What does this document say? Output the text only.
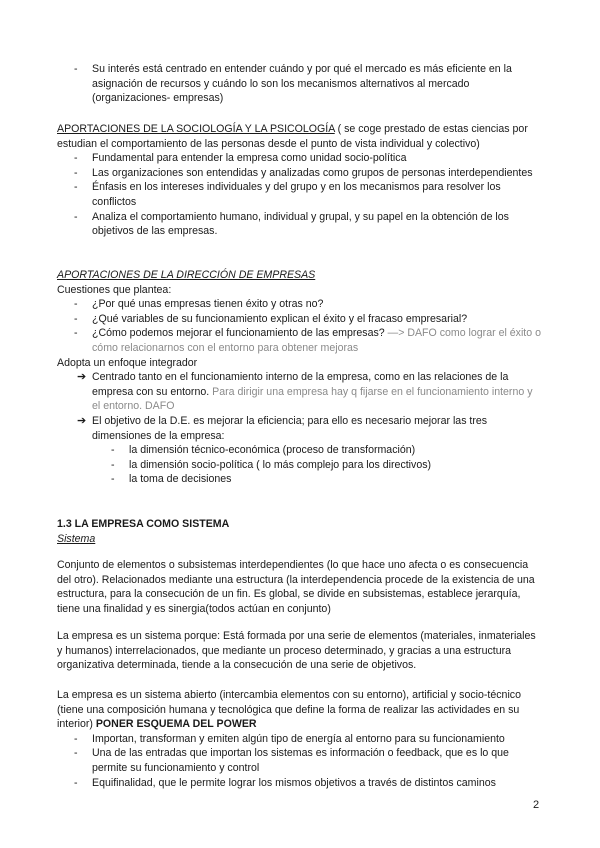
- Su interés está centrado en entender cuándo y por qué el mercado es más eficiente en la asignación de recursos y cuándo lo son los mecanismos alternativos al mercado (organizaciones- empresas)
APORTACIONES DE LA SOCIOLOGÍA Y LA PSICOLOGÍA ( se coge prestado de estas ciencias por estudian el comportamiento de las personas desde el punto de vista individual y colectivo)
- Fundamental para entender la empresa como unidad socio-política
- Las organizaciones son entendidas y analizadas como grupos de personas interdependientes
- Énfasis en los intereses individuales y del grupo y en los mecanismos para resolver los conflictos
- Analiza el comportamiento humano, individual y grupal, y su papel en la obtención de los objetivos de las empresas.
APORTACIONES DE LA DIRECCIÓN DE EMPRESAS
Cuestiones que plantea:
- ¿Por qué unas empresas tienen éxito y otras no?
- ¿Qué variables de su funcionamiento explican el éxito y el fracaso empresarial?
- ¿Cómo podemos mejorar el funcionamiento de las empresas? —> DAFO como lograr el éxito o cómo relacionarnos con el entorno para obtener mejoras
Adopta un enfoque integrador
➔ Centrado tanto en el funcionamiento interno de la empresa, como en las relaciones de la empresa con su entorno. Para dirigir una empresa hay q fijarse en el funcionamiento interno y el entorno. DAFO
➔ El objetivo de la D.E. es mejorar la eficiencia; para ello es necesario mejorar las tres dimensiones de la empresa:
- la dimensión técnico-económica (proceso de transformación)
- la dimensión socio-política ( lo más complejo para los directivos)
- la toma de decisiones
1.3 LA EMPRESA COMO SISTEMA
Sistema
Conjunto de elementos o subsistemas interdependientes (lo que hace uno afecta o es consecuencia del otro). Relacionados mediante una estructura (la interdependencia procede de la existencia de una estructura, para la consecución de un fin. Es global, se divide en subsistemas, establece jerarquía, tiene una finalidad y es sinergia(todos actúan en conjunto)
La empresa es un sistema porque: Está formada por una serie de elementos (materiales, inmateriales y humanos) interrelacionados, que mediante un proceso determinado, y gracias a una estructura organizativa determinada, tiende a la consecución de una serie de objetivos.
La empresa es un sistema abierto (intercambia elementos con su entorno), artificial y socio-técnico (tiene una composición humana y tecnológica que define la forma de realizar las actividades en su interior) PONER ESQUEMA DEL POWER
- Importan, transforman y emiten algún tipo de energía al entorno para su funcionamiento
- Una de las entradas que importan los sistemas es información o feedback, que es lo que permite su funcionamiento y control
- Equifinalidad, que le permite lograr los mismos objetivos a través de distintos caminos
2
